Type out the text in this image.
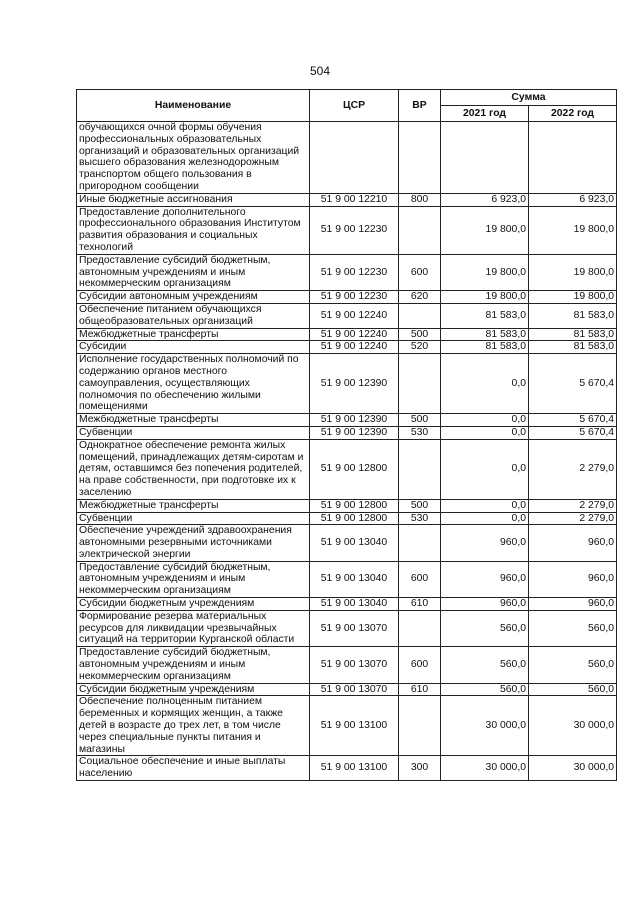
504
Наименование	ЦСР	ВР	Сумма	
			2021 год	2022 год
обучающихся очной формы обучения профессиональных образовательных организаций и образовательных организаций высшего образования железнодорожным транспортом общего пользования в пригородном сообщении				
Иные бюджетные ассигнования	51 9 00 12210	800	6 923,0	6 923,0
Предоставление дополнительного профессионального образования Институтом развития образования и социальных технологий	51 9 00 12230		19 800,0	19 800,0
Предоставление субсидий бюджетным, автономным учреждениям и иным некоммерческим организациям	51 9 00 12230	600	19 800,0	19 800,0
Субсидии автономным учреждениям	51 9 00 12230	620	19 800,0	19 800,0
Обеспечение питанием обучающихся общеобразовательных организаций	51 9 00 12240		81 583,0	81 583,0
Межбюджетные трансферты	51 9 00 12240	500	81 583,0	81 583,0
Субсидии	51 9 00 12240	520	81 583,0	81 583,0
Исполнение государственных полномочий по содержанию органов местного самоуправления, осуществляющих полномочия по обеспечению жилыми помещениями	51 9 00 12390		0,0	5 670,4
Межбюджетные трансферты	51 9 00 12390	500	0,0	5 670,4
Субвенции	51 9 00 12390	530	0,0	5 670,4
Однократное обеспечение ремонта жилых помещений, принадлежащих детям-сиротам и детям, оставшимся без попечения родителей, на праве собственности, при подготовке их к заселению	51 9 00 12800		0,0	2 279,0
Межбюджетные трансферты	51 9 00 12800	500	0,0	2 279,0
Субвенции	51 9 00 12800	530	0,0	2 279,0
Обеспечение учреждений здравоохранения автономными резервными источниками электрической энергии	51 9 00 13040		960,0	960,0
Предоставление субсидий бюджетным, автономным учреждениям и иным некоммерческим организациям	51 9 00 13040	600	960,0	960,0
Субсидии бюджетным учреждениям	51 9 00 13040	610	960,0	960,0
Формирование резерва материальных ресурсов для ликвидации чрезвычайных ситуаций на территории Курганской области	51 9 00 13070		560,0	560,0
Предоставление субсидий бюджетным, автономным учреждениям и иным некоммерческим организациям	51 9 00 13070	600	560,0	560,0
Субсидии бюджетным учреждениям	51 9 00 13070	610	560,0	560,0
Обеспечение полноценным питанием беременных и кормящих женщин, а также детей в возрасте до трех лет, в том числе через специальные пункты питания и магазины	51 9 00 13100		30 000,0	30 000,0
Социальное обеспечение и иные выплаты населению	51 9 00 13100	300	30 000,0	30 000,0
